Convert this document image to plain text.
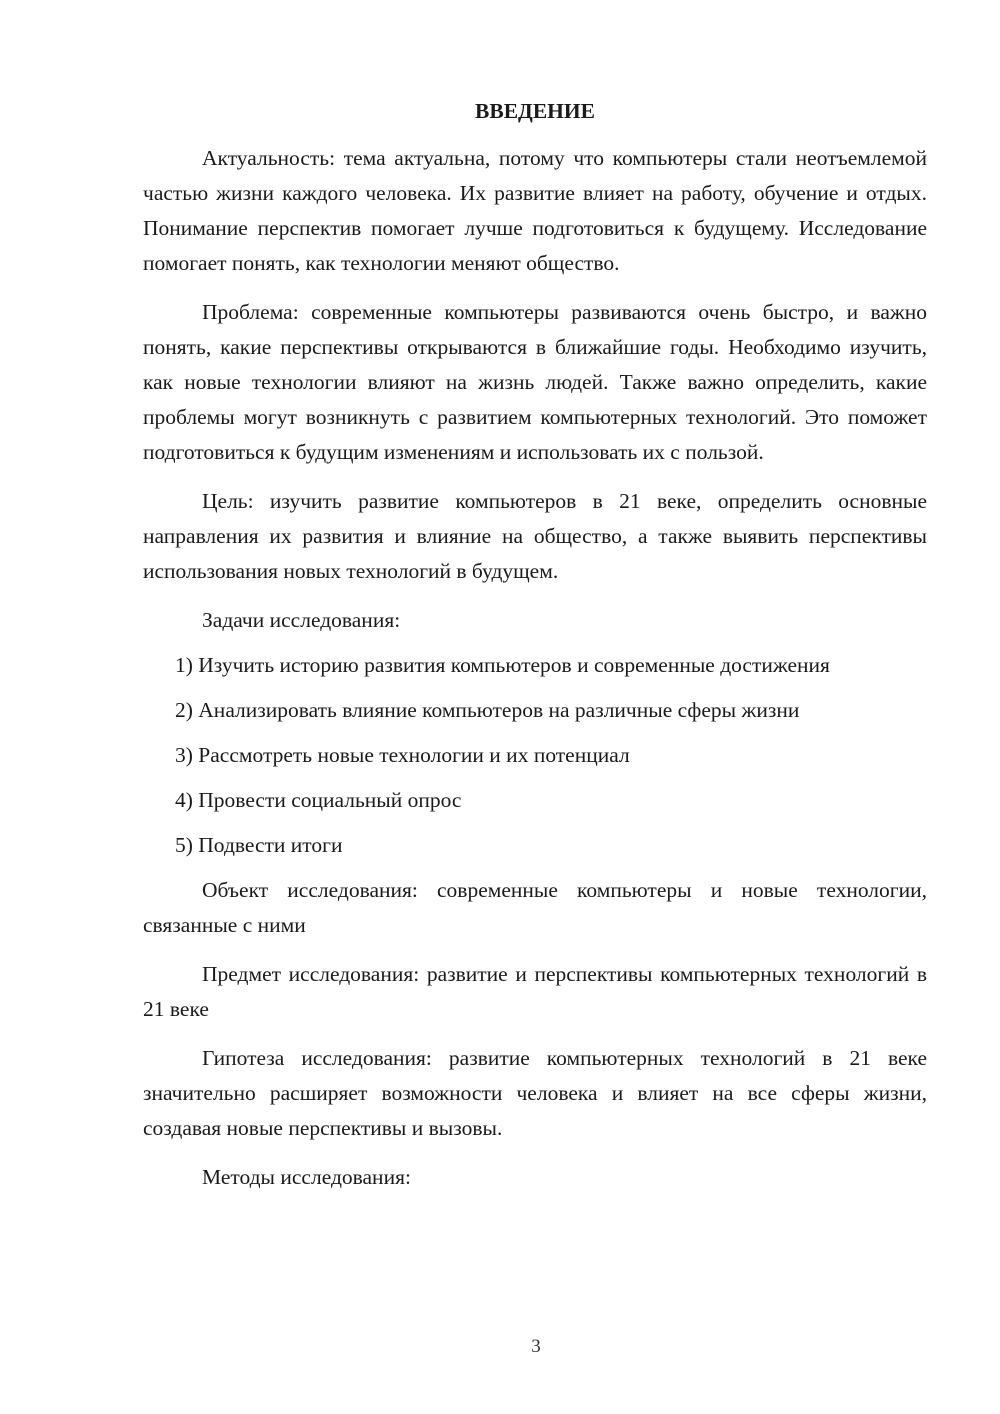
ВВЕДЕНИЕ

Актуальность: тема актуальна, потому что компьютеры стали неотъемлемой частью жизни каждого человека. Их развитие влияет на работу, обучение и отдых. Понимание перспектив помогает лучше подготовиться к будущему. Исследование помогает понять, как технологии меняют общество.

Проблема: современные компьютеры развиваются очень быстро, и важно понять, какие перспективы открываются в ближайшие годы. Необходимо изучить, как новые технологии влияют на жизнь людей. Также важно определить, какие проблемы могут возникнуть с развитием компьютерных технологий. Это поможет подготовиться к будущим изменениям и использовать их с пользой.

Цель: изучить развитие компьютеров в 21 веке, определить основные направления их развития и влияние на общество, а также выявить перспективы использования новых технологий в будущем.

Задачи исследования:

1) Изучить историю развития компьютеров и современные достижения
2) Анализировать влияние компьютеров на различные сферы жизни
3) Рассмотреть новые технологии и их потенциал
4) Провести социальный опрос
5) Подвести итоги

Объект исследования: современные компьютеры и новые технологии, связанные с ними

Предмет исследования: развитие и перспективы компьютерных технологий в 21 веке

Гипотеза исследования: развитие компьютерных технологий в 21 веке значительно расширяет возможности человека и влияет на все сферы жизни, создавая новые перспективы и вызовы.

Методы исследования:

3
